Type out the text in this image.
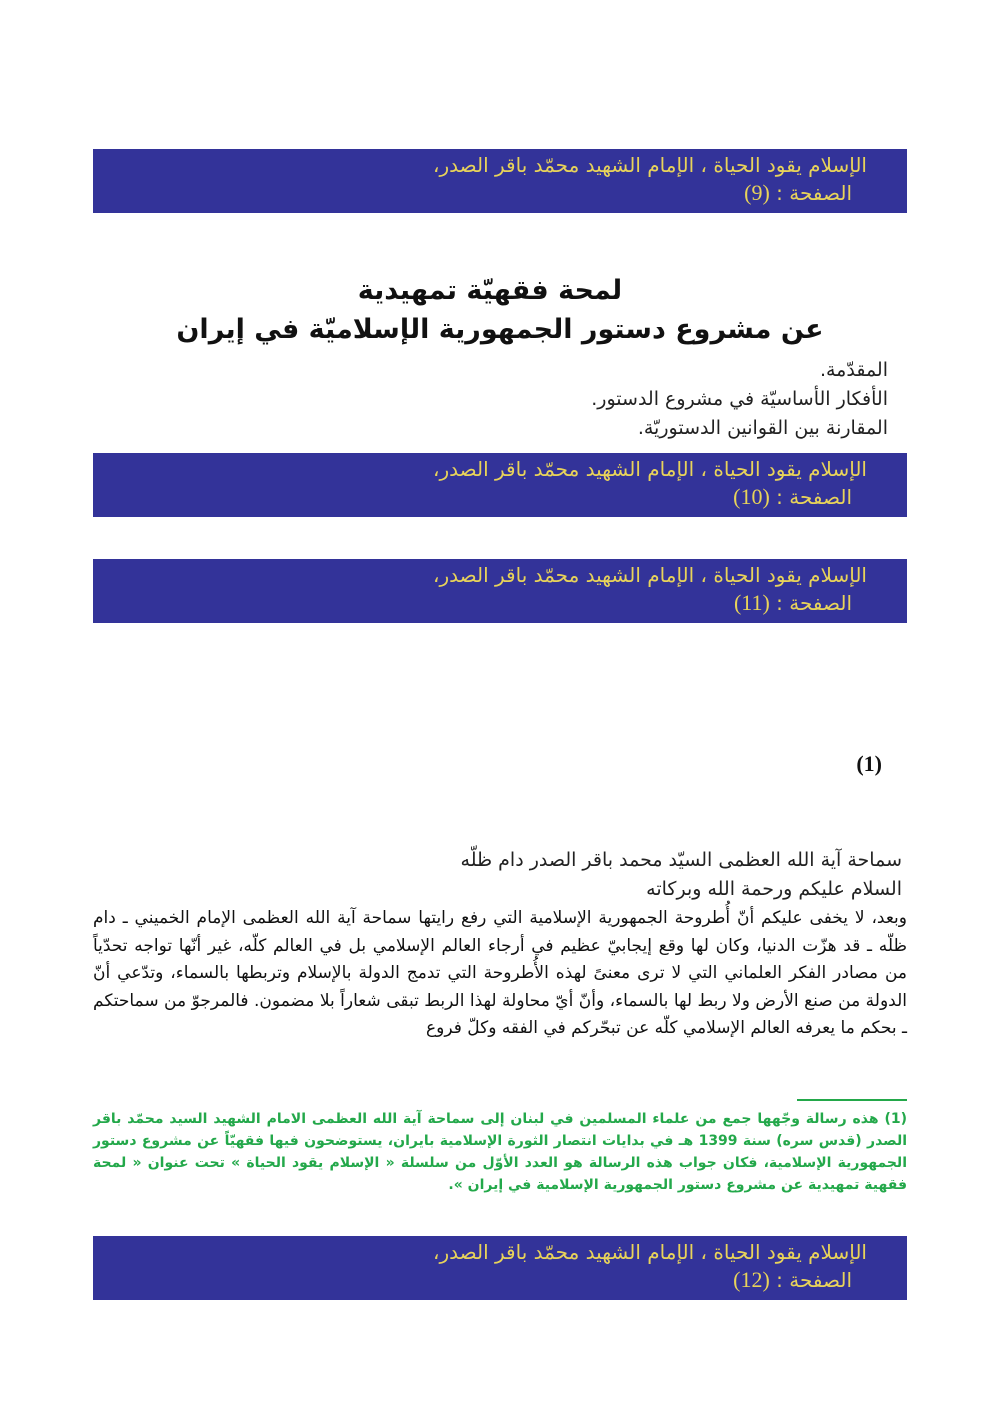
الإسلام يقود الحياة ، الإمام الشهيد محمّد باقر الصدر،
الصفحة : (9)
لمحة فقهيّة تمهيدية
عن مشروع دستور الجمهورية الإسلاميّة في إيران
المقدّمة.
الأفكار الأساسيّة في مشروع الدستور.
المقارنة بين القوانين الدستوريّة.
الإسلام يقود الحياة ، الإمام الشهيد محمّد باقر الصدر،
الصفحة : (10)
الإسلام يقود الحياة ، الإمام الشهيد محمّد باقر الصدر،
الصفحة : (11)
(1)
سماحة آية الله العظمى السيّد محمد باقر الصدر دام ظلّه
السلام عليكم ورحمة الله وبركاته
وبعد، لا يخفى عليكم أنّ أُطروحة الجمهورية الإسلامية التي رفع رايتها سماحة آية الله العظمى الإمام الخميني ـ دام ظلّه ـ قد هزّت الدنيا، وكان لها وقع إيجابيّ عظيم في أرجاء العالم الإسلامي بل في العالم كلّه، غير أنّها تواجه تحدّياً من مصادر الفكر العلماني التي لا ترى معنىً لهذه الأُطروحة التي تدمج الدولة بالإسلام وتربطها بالسماء، وتدّعي أنّ الدولة من صنع الأرض ولا ربط لها بالسماء، وأنّ أيّ محاولة لهذا الربط تبقى شعاراً بلا مضمون. فالمرجوّ من سماحتكم ـ بحكم ما يعرفه العالم الإسلامي كلّه عن تبحّركم في الفقه وكلّ فروع
(1) هذه رسالة وجّهها جمع من علماء المسلمين في لبنان إلى سماحة آية الله العظمى الامام الشهيد السيد محمّد باقر الصدر (قدس سره) سنة 1399 هـ في بدايات انتصار الثورة الإسلامية بايران، يستوضحون فيها فقهيّاً عن مشروع دستور الجمهورية الإسلامية، فكان جواب هذه الرسالة هو العدد الأوّل من سلسلة « الإسلام يقود الحياة » تحت عنوان « لمحة فقهية تمهيدية عن مشروع دستور الجمهورية الإسلامية في إيران ».
الإسلام يقود الحياة ، الإمام الشهيد محمّد باقر الصدر،
الصفحة : (12)
